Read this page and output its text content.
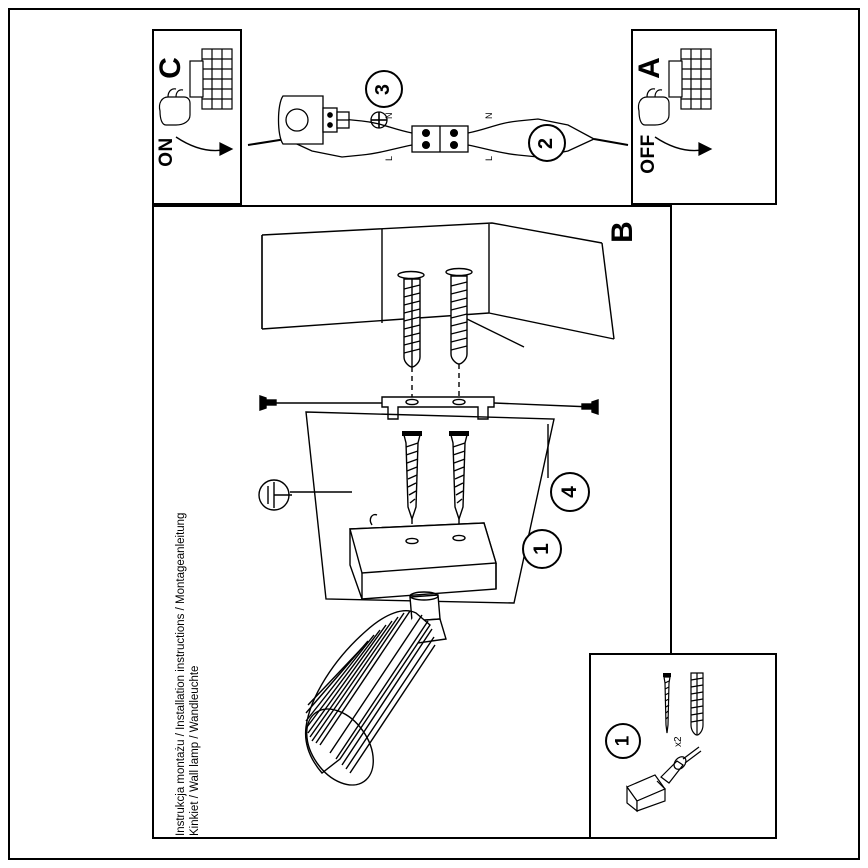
C
ON
A
OFF
N
L
N
L
2
3
B
1
4
x2
1
Instrukcja montażu / Installation instructions / Montageanleitung Kinkiet / Wall lamp / Wandleuchte
